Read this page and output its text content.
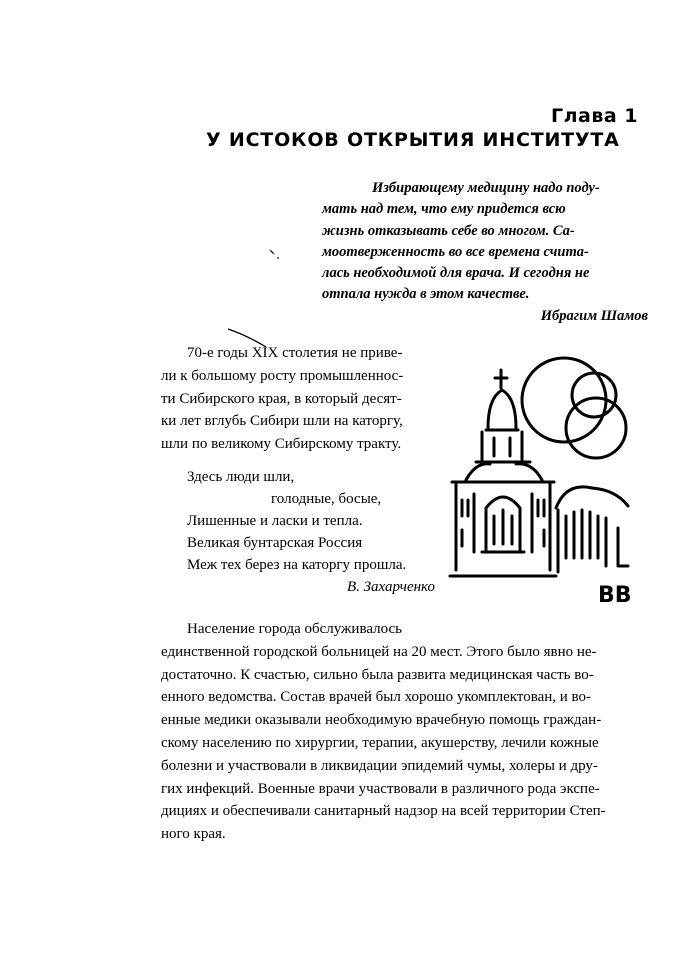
Глава 1
У ИСТОКОВ ОТКРЫТИЯ ИНСТИТУТА
Избирающему медицину надо поду-
мать над тем, что ему придется всю
жизнь отказывать себе во многом. Са-
моотверженность во все времена счита-
лась необходимой для врача. И сегодня не
отпала нужда в этом качестве.
Ибрагим Шамов
70-е годы XIX столетия не приве-
ли к большому росту промышленнос-
ти Сибирского края, в который десят-
ки лет вглубь Сибири шли на каторгу,
шли по великому Сибирскому тракту.
Здесь люди шли,
голодные, босые,
Лишенные и ласки и тепла.
Великая бунтарская Россия
Меж тех берез на каторгу прошла.
В. Захарченко	ВВ
Население города обслуживалось
единственной городской больницей на 20 мест. Этого было явно не-
достаточно. К счастью, сильно была развита медицинская часть во-
енного ведомства. Состав врачей был хорошо укомплектован, и во-
енные медики оказывали необходимую врачебную помощь граждан-
скому населению по хирургии, терапии, акушерству, лечили кожные
болезни и участвовали в ликвидации эпидемий чумы, холеры и дру-
гих инфекций. Военные врачи участвовали в различного рода экспе-
дициях и обеспечивали санитарный надзор на всей территории Степ-
ного края.
